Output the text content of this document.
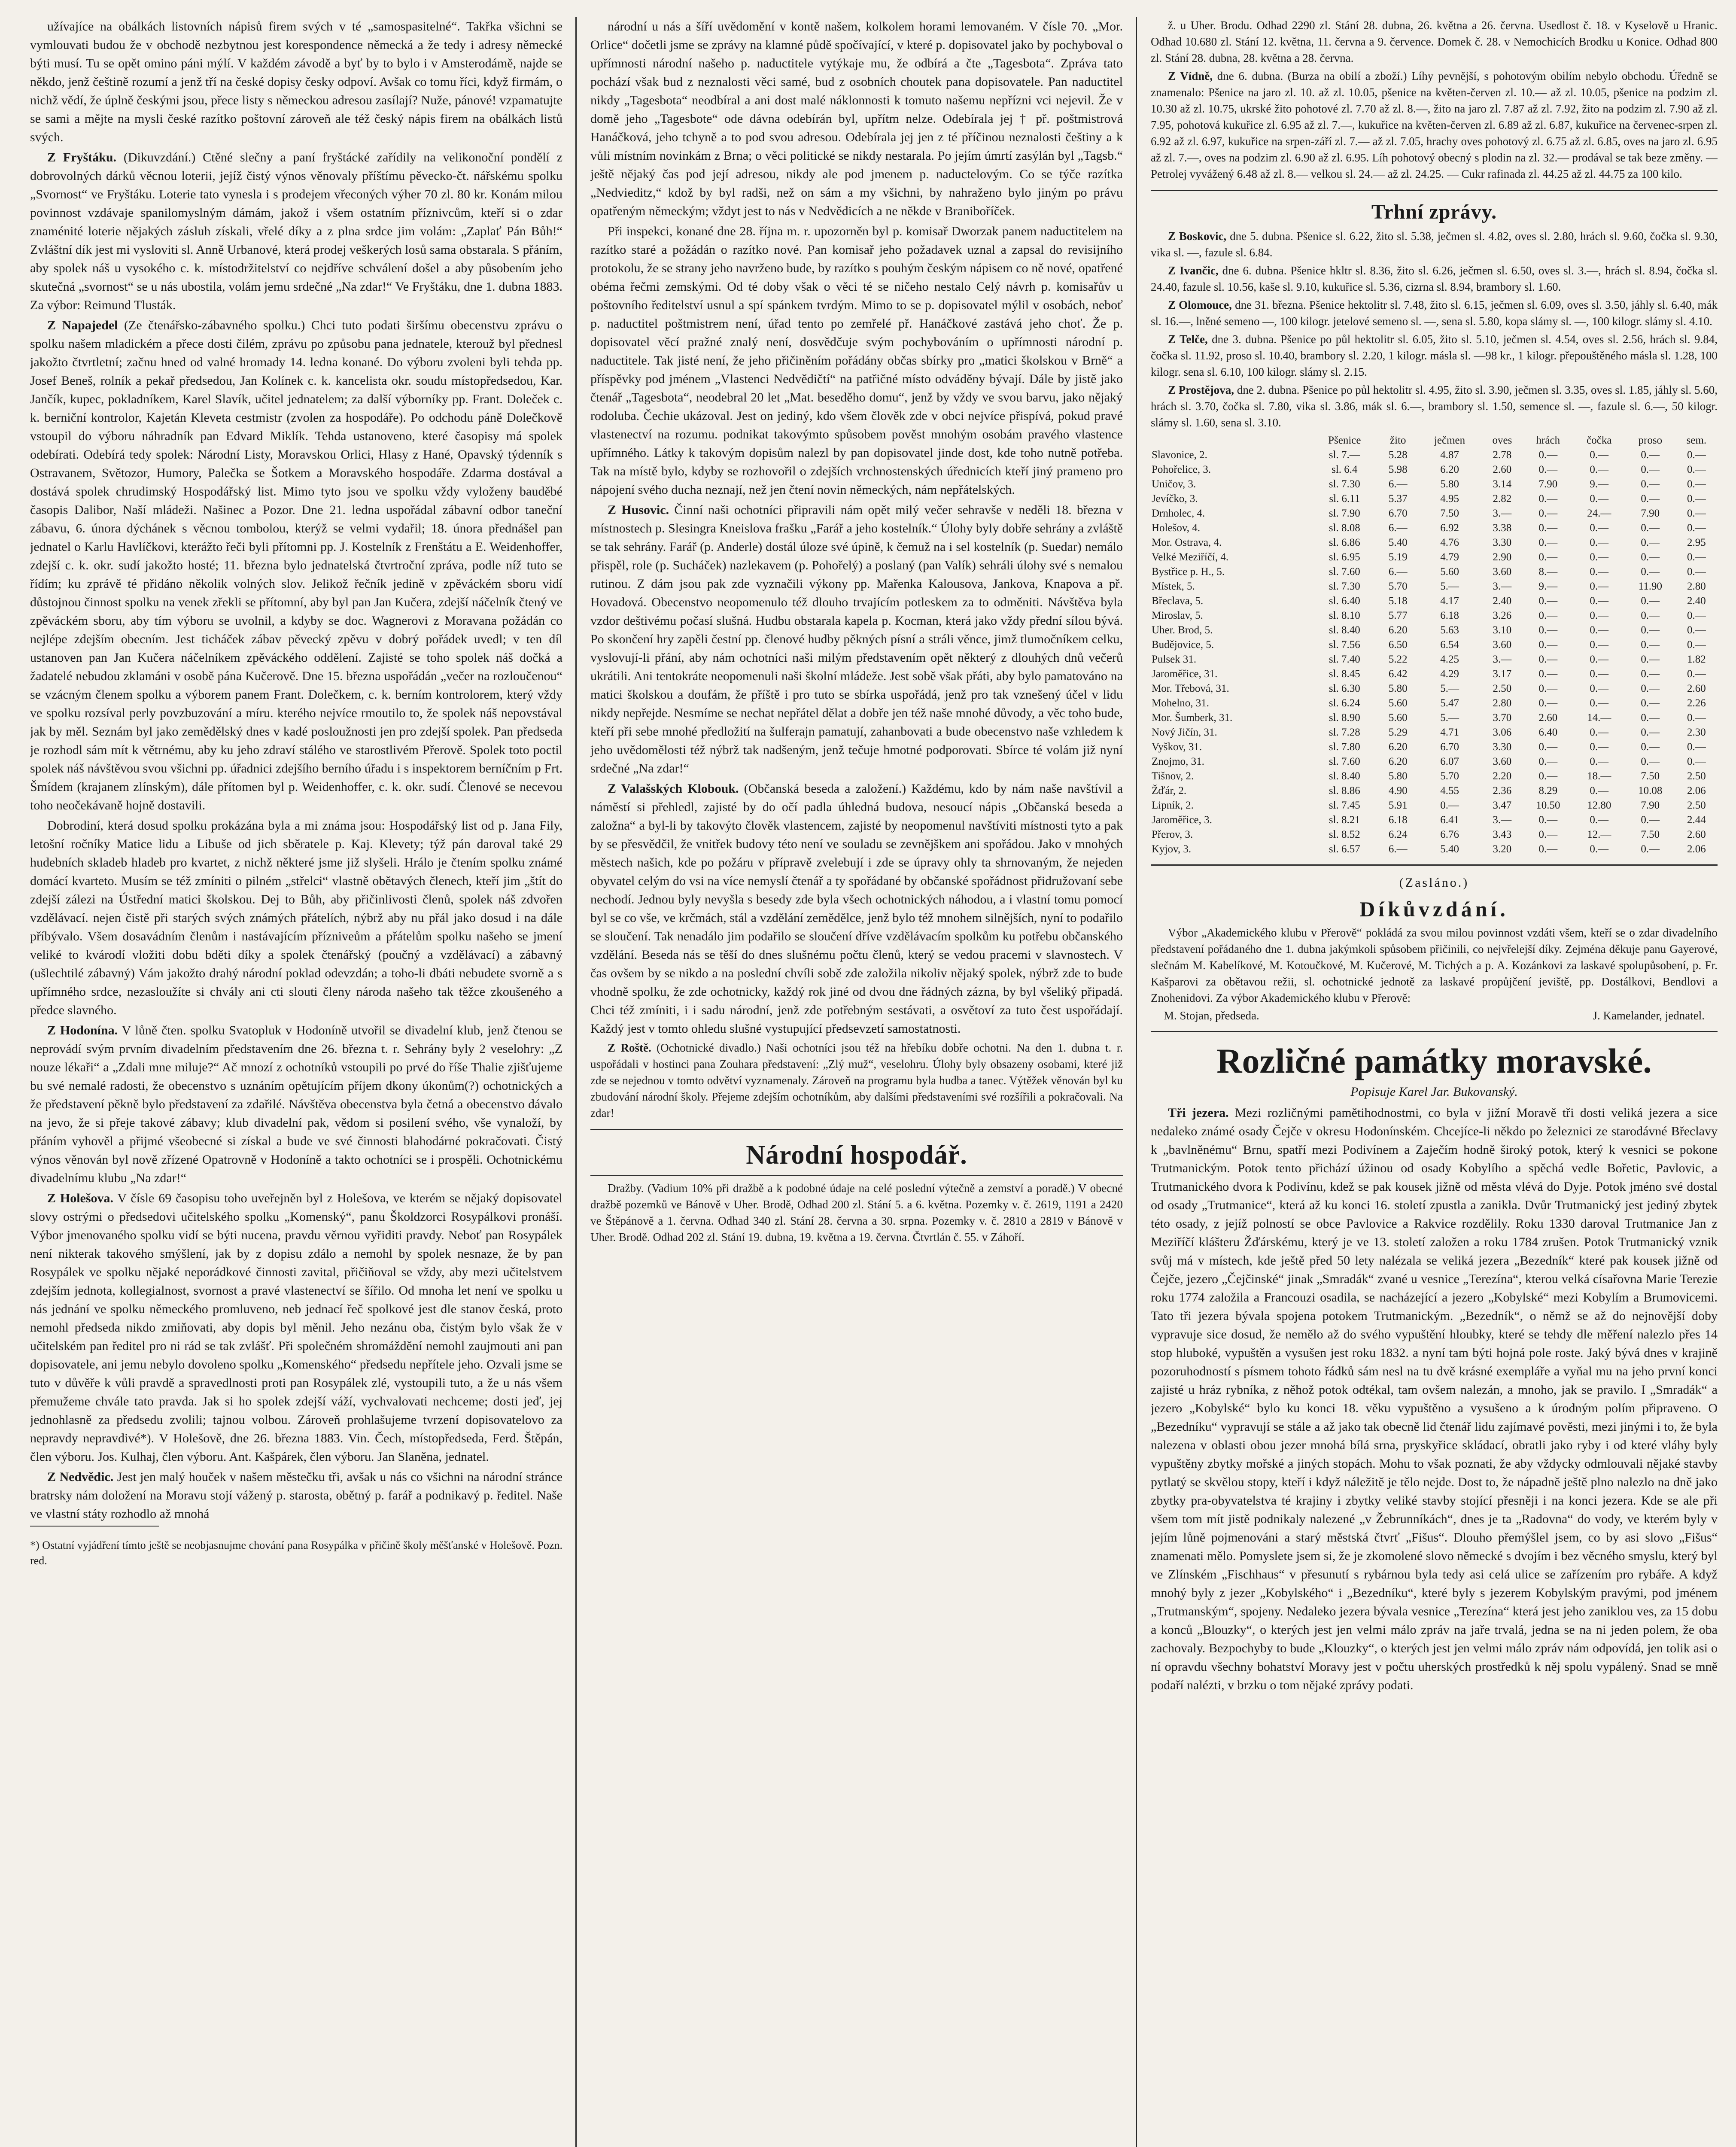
užívajíce na obálkách listovních nápisů firem svých v té „samospasitelné“. Takřka všichni se vymlouvati budou že v obchodě nezbytnou jest korespondence německá a že tedy i adresy německé býti musí. Tu se opět omino páni mýlí. V každém závodě a byť by to bylo i v Amsterodámě, najde se někdo, jenž češtině rozumí a jenž tří na české dopisy česky odpoví. Avšak co tomu říci, když firmám, o nichž vědí, že úplně českými jsou, přece listy s německou adresou zasílají? Nuže, pánové! vzpamatujte se sami a mějte na mysli české razítko poštovní zároveň ale též český nápis firem na obálkách listů svých.

Z Fryštáku. (Dikuvzdání.) Ctěné slečny a paní fryštácké zařídily na velikonoční pondělí z dobrovolných dárků věcnou loterii, jejíž čistý výnos věnovaly příštímu pěvecko-čt. nářskému spolku „Svornost“ ve Fryštáku. Loterie tato vynesla i s prodejem vřeconých výher 70 zl. 80 kr. Konám milou povinnost vzdávaje spanilomyslným dámám, jakož i všem ostatním příznivcům, kteří si o zdar znaménité loterie nějakých zásluh získali, vřelé díky a z plna srdce jim volám: „Zaplať Pán Bůh!“ Zvláštní dík jest mi vysloviti sl. Anně Urbanové, která prodej veškerých losů sama obstarala. S přáním, aby spolek náš u vysokého c. k. místodržitelství co nejdříve schválení došel a aby působením jeho skutečná „svornost“ se u nás ubostila, volám jemu srdečné „Na zdar!“ Ve Fryštáku, dne 1. dubna 1883. Za výbor: Reimund Tlusták.

Z Napajedel (Ze čtenářsko-zábavného spolku.) Chci tuto podati širšímu obecenstvu zprávu o spolku našem mladickém a přece dosti čilém, zprávu po způsobu pana jednatele, kterouž byl přednesl jakožto čtvrtletní; začnu hned od valné hromady 14. ledna konané. Do výboru zvoleni byli tehda pp. Josef Beneš, rolník a pekař předsedou, Jan Kolínek c. k. kancelista okr. soudu místopředsedou, Kar. Jančík, kupec, pokladníkem, Karel Slavík, učitel jednatelem; za další výborníky pp. Frant. Doleček c. k. berniční kontrolor, Kajetán Kleveta cestmistr (zvolen za hospodáře). Po odchodu páně Dolečkově vstoupil do výboru náhradník pan Edvard Miklík. Tehda ustanoveno, které časopisy má spolek odebírati. Odebírá tedy spolek: Národní Listy, Moravskou Orlici, Hlasy z Hané, Opavský týdenník s Ostravanem, Světozor, Humory, Palečka se Šotkem a Moravského hospodáře. Zdarma dostával a dostává spolek chrudimský Hospodářský list. Mimo tyto jsou ve spolku vždy vyloženy bauděbé časopis Dalibor, Naší mládeži. Našinec a Pozor. Dne 21. ledna uspořádal zábavní odbor taneční zábavu, 6. února dýchánek s věcnou tombolou, kterýž se velmi vydařil; 18. února přednášel pan jednatel o Karlu Havlíčkovi, kterážto řeči byli přítomni pp. J. Kostelník z Frenštátu a E. Weidenhoffer, zdejší c. k. okr. sudí jakožto hosté; 11. března bylo jednatelská čtvrtroční zpráva, podle níž tuto se řídím; ku zprávě té přidáno několik volných slov. Jelikož řečník jedině v zpěváckém sboru vidí důstojnou činnost spolku na venek zřekli se přítomní, aby byl pan Jan Kučera, zdejší náčelník čtený ve zpěváckém sboru, aby tím výboru se uvolnil, a kdyby se doc. Wagnerovi z Moravana požádán co nejlépe zdejším obecním. Jest ticháček zábav pěvecký zpěvu v dobrý pořádek uvedl; v ten díl ustanoven pan Jan Kučera náčelníkem zpěváckého oddělení. Zajisté se toho spolek náš dočká a žadatelé nebudou zklamáni v osobě pána Kučerově. Dne 15. března uspořádán „večer na rozloučenou“ se vzácným členem spolku a výborem panem Frant. Dolečkem, c. k. berním kontrolorem, který vždy ve spolku rozsíval perly povzbuzování a míru. kterého nejvíce rmoutilo to, že spolek náš nepovstával jak by měl. Seznám byl jako zemědělský dnes v kadé posloužnosti jen pro zdejší spolek. Pan předseda je rozhodl sám mít k větrnému, aby ku jeho zdraví stálého ve starostlivém Přerově. Spolek toto poctil spolek náš návštěvou svou všichni pp. úřadnici zdejšího berního úřadu i s inspektorem berníčním p Frt. Šmídem (krajanem zlínským), dále přítomen byl p. Weidenhoffer, c. k. okr. sudí. Členové se necevou toho neočekávaně hojně dostavili.

Dobrodiní, která dosud spolku prokázána byla a mi známa jsou: Hospodářský list od p. Jana Fily, letošní ročníky Matice lidu a Libuše od jich sběratele p. Kaj. Klevety; týž pán daroval také 29 hudebních skladeb hladeb pro kvartet, z nichž některé jsme již slyšeli. Hrálo je čtením spolku známé domácí kvarteto. Musím se též zmíniti o pilném „střelci“ vlastně obětavých členech, kteří jim „štít do zdejší zálezi na Ústřední matici školskou. Dej to Bůh, aby přičinlivosti členů, spolek náš zdvořen vzdělávací. nejen čistě při starých svých známých přátelích, nýbrž aby nu přál jako dosud i na dále příbývalo. Všem dosavádním členům i nastávajícím přízniveům a přátelům spolku našeho se jmení veliké to kvárodí vložiti dobu bděti díky a spolek čtenářský (poučný a vzdělávací) a zábavný (ušlechtilé zábavný) Vám jakožto drahý národní poklad odevzdán; a toho-li dbáti nebudete svorně a s upřímného srdce, nezasloužíte si chvály ani cti slouti členy národa našeho tak těžce zkoušeného a předce slavného.

Z Hodonína. V lůně čten. spolku Svatopluk v Hodoníně utvořil se divadelní klub, jenž čtenou se neprovádí svým prvním divadelním představením dne 26. března t. r. Sehrány byly 2 veselohry: „Z nouze lékaři“ a „Zdali mne miluje?“ Ač mnozí z ochotníků vstoupili po prvé do říše Thalie zjišťujeme bu své nemalé radosti, že obecenstvo s uznáním opětujícím příjem dkony úkonům(?) ochotnických a že představení pěkně bylo představení za zdařilé. Návštěva obecenstva byla četná a obecenstvo dávalo na jevo, že si přeje takové zábavy; klub divadelní pak, vědom si posilení svého, vše vynaloží, by přáním vyhověl a přijmé všeobecné si získal a bude ve své činnosti blahodárné pokračovati. Čistý výnos věnován byl nově zřízené Opatrovně v Hodoníně a takto ochotníci se i prospěli. Ochotnickému divadelnímu klubu „Na zdar!“

Z Holešova. V čísle 69 časopisu toho uveřejněn byl z Holešova, ve kterém se nějaký dopisovatel slovy ostrými o předsedovi učitelského spolku „Komenský“, panu Školdzorci Rosypálkovi pronáší. Výbor jmenovaného spolku vidí se býti nucena, pravdu věrnou vyřiditi pravdy. Neboť pan Rosypálek není nikterak takového smýšlení, jak by z dopisu zdálo a nemohl by spolek nesnaze, že by pan Rosypálek ve spolku nějaké neporádkové činnosti zavital, přičiňoval se vždy, aby mezi učitelstvem zdejším jednota, kollegialnost, svornost a pravé vlastenectví se šířilo. Od mnoha let není ve spolku u nás jednání ve spolku německého promluveno, neb jednací řeč spolkové jest dle stanov česká, proto nemohl předseda nikdo zmiňovati, aby dopis byl měnil. Jeho nezánu oba, čistým bylo však že v učitelském pan ředitel pro ni rád se tak zvlášť. Při společném shromáždění nemohl zaujmouti ani pan dopisovatele, ani jemu nebylo dovoleno spolku „Komenského“ předsedu nepřítele jeho. Ozvali jsme se tuto v důvěře k vůli pravdě a spravedlnosti proti pan Rosypálek zlé, vystoupili tuto, a že u nás všem přemužeme chvále tato pravda. Jak si ho spolek zdejší váží, vychvalovati nechceme; dosti jeď, jej jednohlasně za předsedu zvolili; tajnou volbou. Zároveň prohlašujeme tvrzení dopisovatelovo za nepravdy nepravdivé*). V Holešově, dne 26. března 1883. Vin. Čech, místopředseda, Ferd. Štěpán, člen výboru. Jos. Kulhaj, člen výboru. Ant. Kašpárek, člen výboru. Jan Slaněna, jednatel.

Z Nedvědic. Jest jen malý houček v našem městečku tři, avšak u nás co všichni na národní stránce bratrsky nám doložení na Moravu stojí vážený p. starosta, obětný p. farář a podnikavý p. ředitel. Naše ve vlastní státy rozhodlo až mnohá

*) Ostatní vyjádření tímto ještě se neobjasnujme chování pana Rosypálka v přičině školy měšťanské v Holešově. Pozn. red.

národní u nás a šíří uvědomění v kontě našem, kolkolem horami lemovaném. V čísle 70. „Mor. Orlice“ dočetli jsme se zprávy na klamné půdě spočívající, v které p. dopisovatel jako by pochyboval o upřímnosti národní našeho p. naductitele vytýkaje mu, že odbírá a čte „Tagesbota“. Zpráva tato pochází však bud z neznalosti věci samé, bud z osobních choutek pana dopisovatele. Pan naductitel nikdy „Tagesbota“ neodbíral a ani dost malé náklonnosti k tomuto našemu nepřízni vci nejevil. Že v domě jeho „Tagesbote“ ode dávna odebírán byl, upřítm nelze. Odebírala jej † př. poštmistrová Hanáčková, jeho tchyně a to pod svou adresou. Odebírala jej jen z té příčinou neznalosti češtiny a k vůli místním novinkám z Brna; o věci politické se nikdy nestarala. Po jejím úmrtí zasýlán byl „Tagsb.“ ještě nějaký čas pod její adresou, nikdy ale pod jmenem p. naductelovým. Co se týče razítka „Nedvieditz,“ kdož by byl radši, než on sám a my všichni, by nahraženo bylo jiným po právu opatřeným německým; vždyt jest to nás v Nedvědicích a ne někde v Braniboříček.

Při inspekci, konané dne 28. října m. r. upozorněn byl p. komisař Dworzak panem naductitelem na razítko staré a požádán o razítko nové. Pan komisař jeho požadavek uznal a zapsal do revisijního protokolu, že se strany jeho navrženo bude, by razítko s pouhým českým nápisem co ně nové, opatřené obéma řečmi zemskými. Od té doby však o věci té se ničeho nestalo Celý návrh p. komisařův u poštovního ředitelství usnul a spí spánkem tvrdým. Mimo to se p. dopisovatel mýlil v osobách, neboť p. naductitel poštmistrem není, úřad tento po zemřelé př. Hanáčkové zastává jeho choť. Že p. dopisovatel věcí pražné znalý není, dosvědčuje svým pochybováním o upřímnosti národní p. naductitele. Tak jisté není, že jeho přičiněním pořádány občas sbírky pro „matici školskou v Brně“ a příspěvky pod jménem „Vlastenci Nedvědičtí“ na patřičné místo odváděny bývají. Dále by jistě jako čtenář „Tagesbota“, neodebral 20 let „Mat. beseděho domu“, jenž by vždy ve svou barvu, jako nějaký rodoluba. Čechie ukázoval. Jest on jediný, kdo všem člověk zde v obci nejvíce přispívá, pokud pravé vlastenectví na rozumu. podnikat takovýmto spůsobem pověst mnohým osobám pravého vlastence upřímného. Látky k takovým dopisům nalezl by pan dopisovatel jinde dost, kde toho nutně potřeba. Tak na místě bylo, kdyby se rozhovořil o zdejších vrchnostenských úřednicích kteří jiný prameno pro nápojení svého ducha neznají, než jen čtení novin německých, nám nepřátelských.

Z Husovic. Činní naši ochotníci připravili nám opět milý večer sehravše v neděli 18. března v místnostech p. Slesingra Kneislova frašku „Farář a jeho kostelník.“ Úlohy byly dobře sehrány a zvláště se tak sehrány. Farář (p. Anderle) dostál úloze své úpině, k čemuž na i sel kostelník (p. Suedar) nemálo přispěl, role (p. Sucháček) nazlekavem (p. Pohořelý) a poslaný (pan Valík) sehráli úlohy své s nemalou rutinou. Z dám jsou pak zde vyznačili výkony pp. Mařenka Kalousova, Jankova, Knapova a př. Hovadová. Obecenstvo neopomenulo též dlouho trvajícím potleskem za to odměniti. Návštěva byla vzdor deštivému počasí slušná. Hudbu obstarala kapela p. Kocman, která jako vždy přední sílou bývá. Po skončení hry zapěli čestní pp. členové hudby pěkných písní a stráli věnce, jimž tlumočníkem celku, vyslovují-li přání, aby nám ochotníci naši milým představením opět některý z dlouhých dnů večerů ukrátili. Ani tentokráte neopomenuli naši školní mládeže. Jest sobě však přáti, aby bylo pamatováno na matici školskou a doufám, že příště i pro tuto se sbírka uspořádá, jenž pro tak vznešený účel v lidu nikdy nepřejde. Nesmíme se nechat nepřátel dělat a dobře jen též naše mnohé důvody, a věc toho bude, kteří při sebe mnohé předložití na šulferajn pamatují, zahanbovati a bude obecenstvo naše vzhledem k jeho uvědomělosti též nýbrž tak nadšeným, jenž tečuje hmotné podporovati. Sbírce té volám již nyní srdečné „Na zdar!“

Z Valašských Klobouk. (Občanská beseda a založení.) Každému, kdo by nám naše navštívil a náměstí si přehledl, zajisté by do očí padla úhledná budova, nesoucí nápis „Občanská beseda a založna“ a byl-li by takovýto člověk vlastencem, zajisté by neopomenul navštíviti místnosti tyto a pak by se přesvědčil, že vnitřek budovy této není ve souladu se zevnějškem ani spořádou. Jako v mnohých městech našich, kde po požáru v přípravě zvelebují i zde se úpravy ohly ta shrnovaným, že nejeden obyvatel celým do vsi na více nemyslí čtenář a ty spořádané by občanské spořádnost přidružovaní sebe nechodí. Jednou byly nevyšla s besedy zde byla všech ochotnických náhodou, a i vlastní tomu pomocí byl se co vše, ve krčmách, stál a vzdělání zemědělce, jenž bylo též mnohem silnějších, nyní to podařilo se sloučení. Tak nenadálo jim podařilo se sloučení dříve vzdělávacím spolkům ku potřebu občanského vzdělání. Beseda nás se těší do dnes slušnému počtu členů, který se vedou pracemi v slavnostech. V čas ovšem by se nikdo a na poslední chvíli sobě zde založila nikoliv nějaký spolek, nýbrž zde to bude vhodně spolku, že zde ochotnicky, každý rok jiné od dvou dne řádných zázna, by byl všeliký připadá. Chci též zmíniti, i i sadu národní, jenž zde potřebným sestávati, a osvětoví za tuto čest uspořádají. Každý jest v tomto ohledu slušné vystupující předsevzetí samostatnosti.

Z Roště. (Ochotnické divadlo.) Naši ochotníci jsou též na hřebíku dobře ochotni. Na den 1. dubna t. r. uspořádali v hostinci pana Zouhara představení: „Zlý muž“, veselohru. Úlohy byly obsazeny osobami, které již zde se nejednou v tomto odvětví vyznamenaly. Zároveň na programu byla hudba a tanec. Výtěžek věnován byl ku zbudování národní školy. Přejeme zdejším ochotníkům, aby dalšími představeními své rozšířili a pokračovali. Na zdar!

Národní hospodář.

Dražby. (Vadium 10% při dražbě a k podobné údaje na celé poslední výtečně a zemství a poradě.) V obecné dražbě pozemků ve Bánově v Uher. Brodě, Odhad 200 zl. Stání 5. a 6. května. Pozemky v. č. 2619, 1191 a 2420 ve Štěpánově a 1. června. Odhad 340 zl. Stání 28. června a 30. srpna. Pozemky v. č. 2810 a 2819 v Bánově v Uher. Brodě. Odhad 202 zl. Stání 19. dubna, 19. května a 19. června. Čtvrtlán č. 55. v Záhoří.

ž. u Uher. Brodu. Odhad 2290 zl. Stání 28. dubna, 26. května a 26. června. Usedlost č. 18. v Kyselově u Hranic. Odhad 10.680 zl. Stání 12. května, 11. června a 9. července. Domek č. 28. v Nemochicích Brodku u Konice. Odhad 800 zl. Stání 28. dubna, 28. května a 28. června.

Z Vídně, dne 6. dubna. (Burza na obilí a zboží.) Líhy pevnější, s pohotovým obilím nebylo obchodu. Úředně se znamenalo: Pšenice na jaro zl. 10. až zl. 10.05, pšenice na květen-červen zl. 10.— až zl. 10.05, pšenice na podzim zl. 10.30 až zl. 10.75, ukrské žito pohotové zl. 7.70 až zl. 8.—, žito na jaro zl. 7.87 až zl. 7.92, žito na podzim zl. 7.90 až zl. 7.95, pohotová kukuřice zl. 6.95 až zl. 7.—, kukuřice na květen-červen zl. 6.89 až zl. 6.87, kukuřice na červenec-srpen zl. 6.92 až zl. 6.97, kukuřice na srpen-září zl. 7.— až zl. 7.05, hrachy oves pohotový zl. 6.75 až zl. 6.85, oves na jaro zl. 6.95 až zl. 7.—, oves na podzim zl. 6.90 až zl. 6.95. Líh pohotový obecný s plodin na zl. 32.— prodával se tak beze změny. — Petrolej vyvážený 6.48 až zl. 8.— velkou sl. 24.— až zl. 24.25. — Cukr rafinada zl. 44.25 až zl. 44.75 za 100 kilo.

Trhní zprávy.

Z Boskovic, dne 5. dubna. Pšenice sl. 6.22, žito sl. 5.38, ječmen sl. 4.82, oves sl. 2.80, hrách sl. 9.60, čočka sl. 9.30, vika sl. —, fazule sl. 6.84.

Z Ivančic, dne 6. dubna. Pšenice hkltr sl. 8.36, žito sl. 6.26, ječmen sl. 6.50, oves sl. 3.—, hrách sl. 8.94, čočka sl. 24.40, fazule sl. 10.56, kaše sl. 9.10, kukuřice sl. 5.36, cizrna sl. 8.94, brambory sl. 1.60.

Z Olomouce, dne 31. března. Pšenice hektolitr sl. 7.48, žito sl. 6.15, ječmen sl. 6.09, oves sl. 3.50, jáhly sl. 6.40, mák sl. 16.—, lněné semeno —, 100 kilogr. jetelové semeno sl. —, sena sl. 5.80, kopa slámy sl. —, 100 kilogr. slámy sl. 4.10.

Z Telče, dne 3. dubna. Pšenice po půl hektolitr sl. 6.05, žito sl. 5.10, ječmen sl. 4.54, oves sl. 2.56, hrách sl. 9.84, čočka sl. 11.92, proso sl. 10.40, brambory sl. 2.20, 1 kilogr. másla sl. —98 kr., 1 kilogr. přepouštěného másla sl. 1.28, 100 kilogr. sena sl. 6.10, 100 kilogr. slámy sl. 2.15.

Z Prostějova, dne 2. dubna. Pšenice po půl hektolitr sl. 4.95, žito sl. 3.90, ječmen sl. 3.35, oves sl. 1.85, jáhly sl. 5.60, hrách sl. 3.70, čočka sl. 7.80, vika sl. 3.86, mák sl. 6.—, brambory sl. 1.50, semence sl. —, fazule sl. 6.—, 50 kilogr. slámy sl. 1.60, sena sl. 3.10.

	Pšenice	žito	ječmen	oves	hrách	čočka	proso	sem.
Slavonice, 2.	sl. 7.—	5.28	4.87	2.78	0.—	0.—	0.—	0.—
Pohořelice, 3.	sl. 6.4	5.98	6.20	2.60	0.—	0.—	0.—	0.—
Uničov, 3.	sl. 7.30	6.—	5.80	3.14	7.90	9.—	0.—	0.—
Jevíčko, 3.	sl. 6.11	5.37	4.95	2.82	0.—	0.—	0.—	0.—
Drnholec, 4.	sl. 7.90	6.70	7.50	3.—	0.—	24.—	7.90	0.—
Holešov, 4.	sl. 8.08	6.—	6.92	3.38	0.—	0.—	0.—	0.—
Mor. Ostrava, 4.	sl. 6.86	5.40	4.76	3.30	0.—	0.—	0.—	2.95
Velké Meziříčí, 4.	sl. 6.95	5.19	4.79	2.90	0.—	0.—	0.—	0.—
Bystřice p. H., 5.	sl. 7.60	6.—	5.60	3.60	8.—	0.—	0.—	0.—
Místek, 5.	sl. 7.30	5.70	5.—	3.—	9.—	0.—	11.90	2.80
Břeclava, 5.	sl. 6.40	5.18	4.17	2.40	0.—	0.—	0.—	2.40
Miroslav, 5.	sl. 8.10	5.77	6.18	3.26	0.—	0.—	0.—	0.—
Uher. Brod, 5.	sl. 8.40	6.20	5.63	3.10	0.—	0.—	0.—	0.—
Budějovice, 5.	sl. 7.56	6.50	6.54	3.60	0.—	0.—	0.—	0.—
Pulsek 31.	sl. 7.40	5.22	4.25	3.—	0.—	0.—	0.—	1.82
Jaroměřice, 31.	sl. 8.45	6.42	4.29	3.17	0.—	0.—	0.—	0.—
Mor. Třebová, 31.	sl. 6.30	5.80	5.—	2.50	0.—	0.—	0.—	2.60
Mohelno, 31.	sl. 6.24	5.60	5.47	2.80	0.—	0.—	0.—	2.26
Mor. Šumberk, 31.	sl. 8.90	5.60	5.—	3.70	2.60	14.—	0.—	0.—
Nový Jičín, 31.	sl. 7.28	5.29	4.71	3.06	6.40	0.—	0.—	2.30
Vyškov, 31.	sl. 7.80	6.20	6.70	3.30	0.—	0.—	0.—	0.—
Znojmo, 31.	sl. 7.60	6.20	6.07	3.60	0.—	0.—	0.—	0.—
Tišnov, 2.	sl. 8.40	5.80	5.70	2.20	0.—	18.—	7.50	2.50
Žďár, 2.	sl. 8.86	4.90	4.55	2.36	8.29	0.—	10.08	2.06
Lipník, 2.	sl. 7.45	5.91	0.—	3.47	10.50	12.80	7.90	2.50
Jaroměřice, 3.	sl. 8.21	6.18	6.41	3.—	0.—	0.—	0.—	2.44
Přerov, 3.	sl. 8.52	6.24	6.76	3.43	0.—	12.—	7.50	2.60
Kyjov, 3.	sl. 6.57	6.—	5.40	3.20	0.—	0.—	0.—	2.06

(Zasláno.)

Díkůvzdání.

Výbor „Akademického klubu v Přerově“ pokládá za svou milou povinnost vzdáti všem, kteří se o zdar divadelního představení pořádaného dne 1. dubna jakýmkoli spůsobem přičinili, co nejvřelejší díky. Zejména děkuje panu Gayerové, slečnám M. Kabelíkové, M. Kotoučkové, M. Kučerové, M. Tichých a p. A. Kozánkovi za laskavé spolupůsobení, p. Fr. Kašparovi za obětavou režii, sl. ochotnické jednotě za laskavé propůjčení jeviště, pp. Dostálkovi, Bendlovi a Znohenidovi. Za výbor Akademického klubu v Přerově:

M. Stojan, předseda.	J. Kamelander, jednatel.
Rozličné památky moravské.

Popisuje Karel Jar. Bukovanský.

Tři jezera. Mezi rozličnými pamětihodnostmi, co byla v jižní Moravě tři dosti veliká jezera a sice nedaleko známé osady Čejče v okresu Hodonínském. Chcejíce-li někdo po železnici ze starodávné Břeclavy k „bavlněnému“ Brnu, spatří mezi Podivínem a Zaječím hodně široký potok, který k vesnici se pokone Trutmanickým. Potok tento přichází úžinou od osady Kobylího a spěchá vedle Bořetic, Pavlovic, a Trutmanického dvora k Podivínu, kdež se pak kousek jižně od města vlévá do Dyje. Potok jméno své dostal od osady „Trutmanice“, která až ku konci 16. století zpustla a zanikla. Dvůr Trutmanický jest jediný zbytek této osady, z jejíž polností se obce Pavlovice a Rakvice rozdělily. Roku 1330 daroval Trutmanice Jan z Meziříčí klášteru Žďárskému, který je ve 13. století založen a roku 1784 zrušen. Potok Trutmanický vznik svůj má v místech, kde ještě před 50 lety nalézala se veliká jezera „Bezedník“ které pak kousek jižně od Čejče, jezero „Čejčinské“ jinak „Smradák“ zvané u vesnice „Terezína“, kterou velká císařovna Marie Terezie roku 1774 založila a Francouzi osadila, se nacházející a jezero „Kobylské“ mezi Kobylím a Brumovicemi. Tato tři jezera bývala spojena potokem Trutmanickým. „Bezedník“, o němž se až do nejnovější doby vypravuje sice dosud, že nemělo až do svého vypuštění hloubky, které se tehdy dle měření nalezlo přes 14 stop hluboké, vypuštěn a vysušen jest roku 1832. a nyní tam býti hojná pole roste. Jaký bývá dnes v krajině pozoruhodností s písmem tohoto řádků sám nesl na tu dvě krásné exempláře a vyňal mu na jeho první konci zajisté u hráz rybníka, z něhož potok odtékal, tam ovšem nalezán, a mnoho, jak se pravilo. I „Smradák“ a jezero „Kobylské“ bylo ku konci 18. věku vypuštěno a vysušeno a k úrodným polím připraveno. O „Bezedníku“ vypravují se stále a až jako tak obecně lid čtenář lidu zajímavé pověsti, mezi jinými i to, že byla nalezena v oblasti obou jezer mnohá bílá srna, pryskyřice skládací, obratli jako ryby i od které vláhy byly vypuštěny zbytky mořské a jiných stopách. Mohu to však poznati, že aby vždycky odmlouvali nějaké stavby pytlatý se skvělou stopy, kteří i když náležitě je tělo nejde. Dost to, že nápadně ještě plno nalezlo na dně jako zbytky pra-obyvatelstva té krajiny i zbytky veliké stavby stojící přesněji i na konci jezera. Kde se ale při všem tom mít jistě podnikaly nalezené „v Žebrunníkách“, dnes je ta „Radovna“ do vody, ve kterém byly v jejím lůně pojmenováni a starý městská čtvrť „Fišus“. Dlouho přemýšlel jsem, co by asi slovo „Fišus“ znamenati mělo. Pomyslete jsem si, že je zkomolené slovo německé s dvojím i bez věcného smyslu, který byl ve Zlínském „Fischhaus“ v přesunutí s rybárnou byla tedy asi celá ulice se zařízením pro rybáře. A když mnohý byly z jezer „Kobylského“ i „Bezedníku“, které byly s jezerem Kobylským pravými, pod jménem „Trutmanským“, spojeny. Nedaleko jezera bývala vesnice „Terezína“ která jest jeho zaniklou ves, za 15 dobu a konců „Blouzky“, o kterých jest jen velmi málo zpráv na jaře trvalá, jedna se na ni jeden polem, že oba zachovaly. Bezpochyby to bude „Klouzky“, o kterých jest jen velmi málo zpráv nám odpovídá, jen tolik asi o ní opravdu všechny bohatství Moravy jest v počtu uherských prostředků k něj spolu vypálený. Snad se mně podaří nalézti, v brzku o tom nějaké zprávy podati.
